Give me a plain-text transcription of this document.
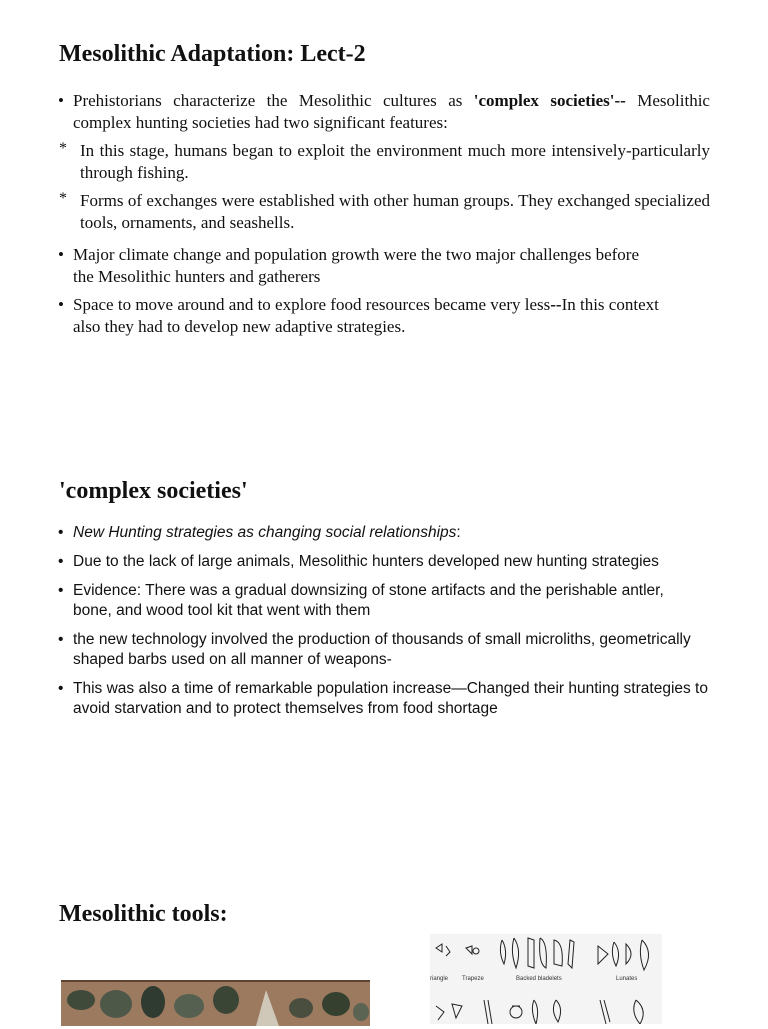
Mesolithic Adaptation: Lect-2
• Prehistorians characterize the Mesolithic cultures as 'complex societies'-- Mesolithic complex hunting societies had two significant features:
* In this stage, humans began to exploit the environment much more intensively-particularly through fishing.
* Forms of exchanges were established with other human groups. They exchanged specialized tools, ornaments, and seashells.
• Major climate change and population growth were the two major challenges before the Mesolithic hunters and gatherers
• Space to move around and to explore food resources became very less--In this context also they had to develop new adaptive strategies.
'complex societies'
• New Hunting strategies as changing social relationships:
• Due to the lack of large animals, Mesolithic hunters developed new hunting strategies
• Evidence: There was a gradual downsizing of stone artifacts and the perishable antler, bone, and wood tool kit that went with them
• the new technology involved the production of thousands of small microliths, geometrically shaped barbs used on all manner of weapons-
• This was also a time of remarkable population increase—Changed their hunting strategies to avoid starvation and to protect themselves from food shortage
Mesolithic tools:
riangle Trapeze	Backed bladelets	Lunates
